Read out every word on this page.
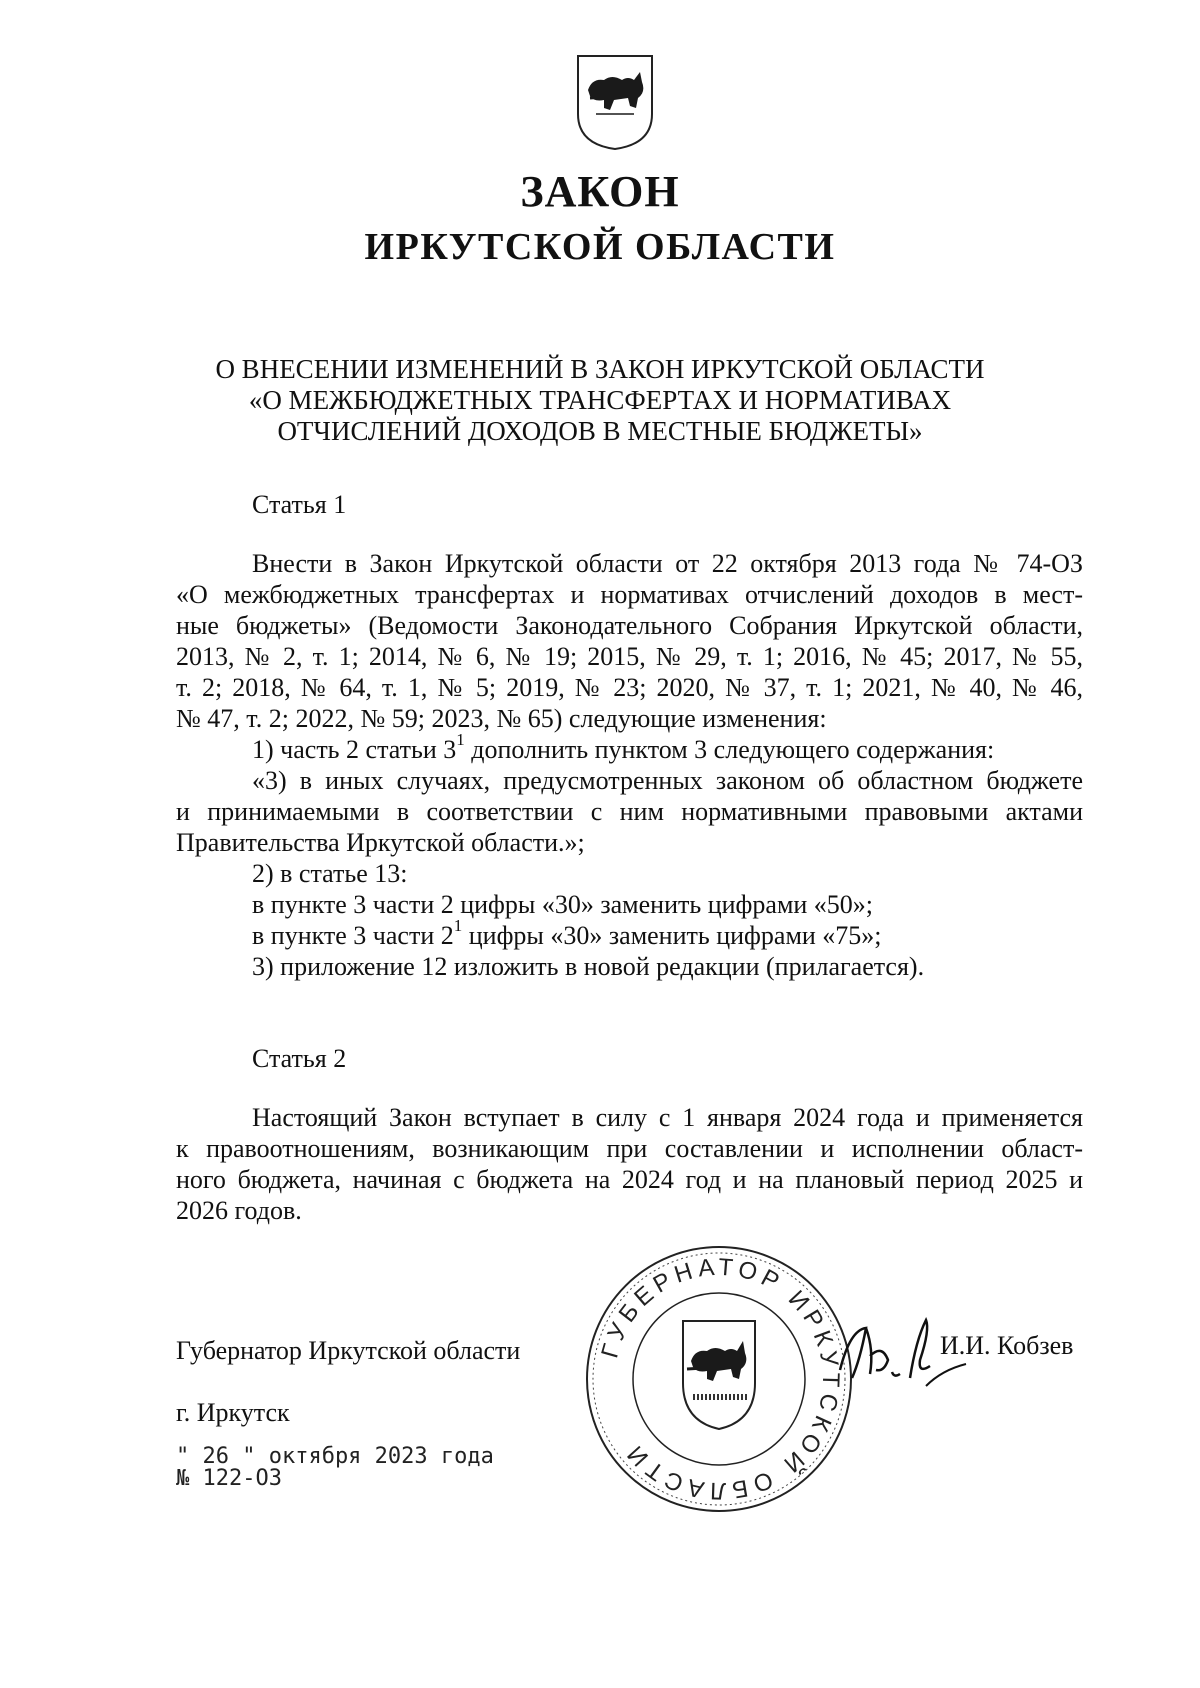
ЗАКОН
ИРКУТСКОЙ ОБЛАСТИ
О ВНЕСЕНИИ ИЗМЕНЕНИЙ В ЗАКОН ИРКУТСКОЙ ОБЛАСТИ
«О МЕЖБЮДЖЕТНЫХ ТРАНСФЕРТАХ И НОРМАТИВАХ
ОТЧИСЛЕНИЙ ДОХОДОВ В МЕСТНЫЕ БЮДЖЕТЫ»
Статья 1
Внести в Закон Иркутской области от 22 октября 2013 года № 74-ОЗ
«О межбюджетных трансфертах и нормативах отчислений доходов в мест-
ные бюджеты» (Ведомости Законодательного Собрания Иркутской области,
2013, № 2, т. 1; 2014, № 6, № 19; 2015, № 29, т. 1; 2016, № 45; 2017, № 55,
т. 2; 2018, № 64, т. 1, № 5; 2019, № 23; 2020, № 37, т. 1; 2021, № 40, № 46,
№ 47, т. 2; 2022, № 59; 2023, № 65) следующие изменения:
1) часть 2 статьи $3^1$ дополнить пунктом 3 следующего содержания:
«3) в иных случаях, предусмотренных законом об областном бюджете
и принимаемыми в соответствии с ним нормативными правовыми актами
Правительства Иркутской области.»;
2) в статье 13:
в пункте 3 части 2 цифры «30» заменить цифрами «50»;
в пункте 3 части $2^1$ цифры «30» заменить цифрами «75»;
3) приложение 12 изложить в новой редакции (прилагается).
Статья 2
Настоящий Закон вступает в силу с 1 января 2024 года и применяется
к правоотношениям, возникающим при составлении и исполнении област-
ного бюджета, начиная с бюджета на 2024 год и на плановый период 2025 и
2026 годов.
ГУБЕРНАТОР ИРКУТСКОЙ ОБЛАСТИ
Губернатор Иркутской области	И.И. Кобзев
г. Иркутск
" 26 " октября 2023 года
№ 122-ОЗ
